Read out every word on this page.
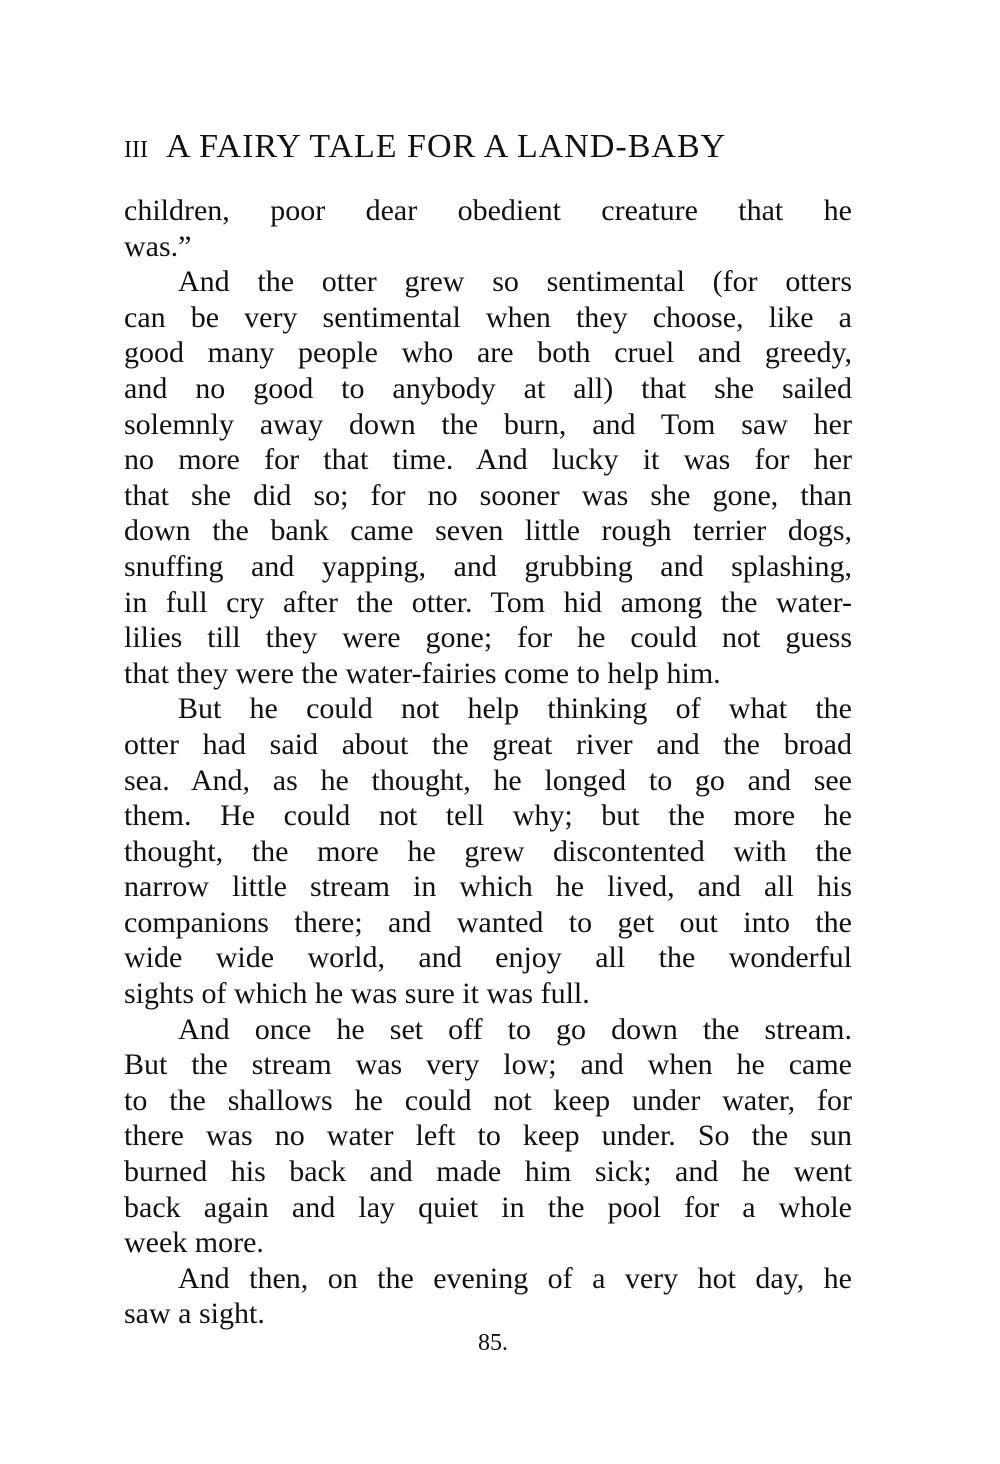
III A FAIRY TALE FOR A LAND-BABY
children, poor dear obedient creature that he
was.”
And the otter grew so sentimental (for otters
can be very sentimental when they choose, like a
good many people who are both cruel and greedy,
and no good to anybody at all) that she sailed
solemnly away down the burn, and Tom saw her
no more for that time. And lucky it was for her
that she did so; for no sooner was she gone, than
down the bank came seven little rough terrier dogs,
snuffing and yapping, and grubbing and splashing,
in full cry after the otter. Tom hid among the water-
lilies till they were gone; for he could not guess
that they were the water-fairies come to help him.
But he could not help thinking of what the
otter had said about the great river and the broad
sea. And, as he thought, he longed to go and see
them. He could not tell why; but the more he
thought, the more he grew discontented with the
narrow little stream in which he lived, and all his
companions there; and wanted to get out into the
wide wide world, and enjoy all the wonderful
sights of which he was sure it was full.
And once he set off to go down the stream.
But the stream was very low; and when he came
to the shallows he could not keep under water, for
there was no water left to keep under. So the sun
burned his back and made him sick; and he went
back again and lay quiet in the pool for a whole
week more.
And then, on the evening of a very hot day, he
saw a sight.
85.
